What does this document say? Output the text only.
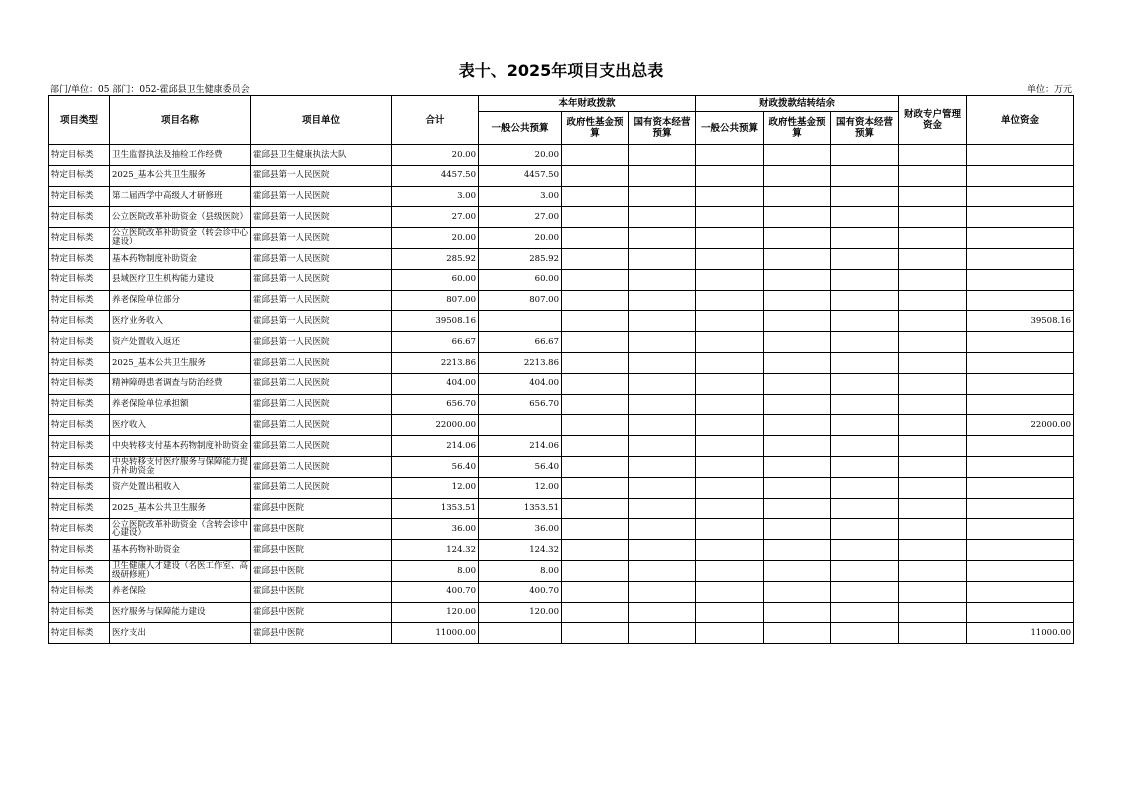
表十、2025年项目支出总表
部门/单位：05 部门：052-霍邱县卫生健康委员会	单位：万元
项目类型	项目名称	项目单位	合计	本年财政拨款			财政拨款结转结余			财政专户管理资金	单位资金
				一般公共预算	政府性基金预算	国有资本经营预算	一般公共预算	政府性基金预算	国有资本经营预算		
特定目标类	卫生监督执法及抽检工作经费	霍邱县卫生健康执法大队	20.00	20.00							
特定目标类	2025_基本公共卫生服务	霍邱县第一人民医院	4457.50	4457.50							
特定目标类	第二届西学中高级人才研修班	霍邱县第一人民医院	3.00	3.00							
特定目标类	公立医院改革补助资金（县级医院）	霍邱县第一人民医院	27.00	27.00							
特定目标类	公立医院改革补助资金（转会诊中心建设）	霍邱县第一人民医院	20.00	20.00							
特定目标类	基本药物制度补助资金	霍邱县第一人民医院	285.92	285.92							
特定目标类	县域医疗卫生机构能力建设	霍邱县第一人民医院	60.00	60.00							
特定目标类	养老保险单位部分	霍邱县第一人民医院	807.00	807.00							
特定目标类	医疗业务收入	霍邱县第一人民医院	39508.16								39508.16
特定目标类	资产处置收入返还	霍邱县第一人民医院	66.67	66.67							
特定目标类	2025_基本公共卫生服务	霍邱县第二人民医院	2213.86	2213.86							
特定目标类	精神障碍患者调查与防治经费	霍邱县第二人民医院	404.00	404.00							
特定目标类	养老保险单位承担额	霍邱县第二人民医院	656.70	656.70							
特定目标类	医疗收入	霍邱县第二人民医院	22000.00								22000.00
特定目标类	中央转移支付基本药物制度补助资金	霍邱县第二人民医院	214.06	214.06							
特定目标类	中央转移支付医疗服务与保障能力提升补助资金	霍邱县第二人民医院	56.40	56.40							
特定目标类	资产处置出租收入	霍邱县第二人民医院	12.00	12.00							
特定目标类	2025_基本公共卫生服务	霍邱县中医院	1353.51	1353.51							
特定目标类	公立医院改革补助资金（含转会诊中心建设）	霍邱县中医院	36.00	36.00							
特定目标类	基本药物补助资金	霍邱县中医院	124.32	124.32							
特定目标类	卫生健康人才建设（名医工作室、高级研修班）	霍邱县中医院	8.00	8.00							
特定目标类	养老保险	霍邱县中医院	400.70	400.70							
特定目标类	医疗服务与保障能力建设	霍邱县中医院	120.00	120.00							
特定目标类	医疗支出	霍邱县中医院	11000.00								11000.00
